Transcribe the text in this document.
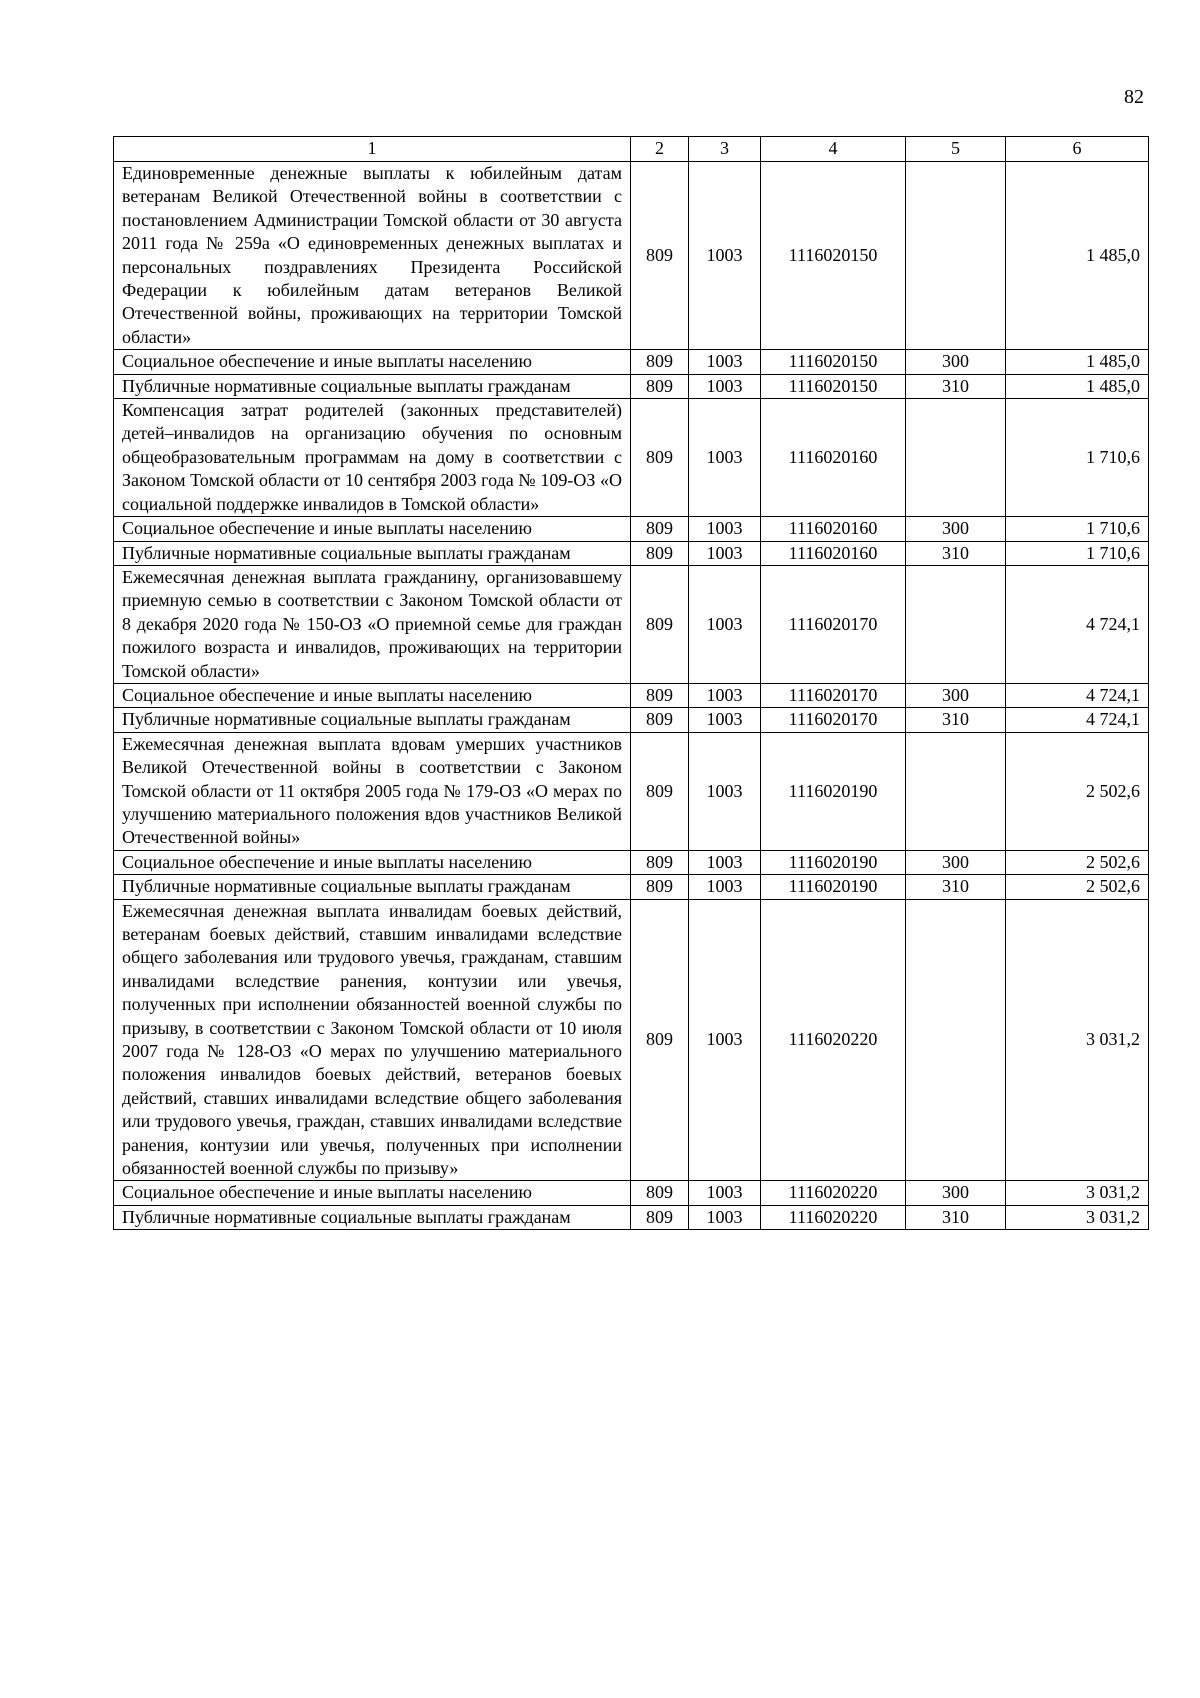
82
1	2	3	4	5	6
Единовременные денежные выплаты к юбилейным датам ветеранам Великой Отечественной войны в соответствии с постановлением Администрации Томской области от 30 августа 2011 года № 259а «О единовременных денежных выплатах и персональных поздравлениях Президента Российской Федерации к юбилейным датам ветеранов Великой Отечественной войны, проживающих на территории Томской области»	809	1003	1116020150		1 485,0
Социальное обеспечение и иные выплаты населению	809	1003	1116020150	300	1 485,0
Публичные нормативные социальные выплаты гражданам	809	1003	1116020150	310	1 485,0
Компенсация затрат родителей (законных представителей) детей–инвалидов на организацию обучения по основным общеобразовательным программам на дому в соответствии с Законом Томской области от 10 сентября 2003 года № 109-ОЗ «О социальной поддержке инвалидов в Томской области»	809	1003	1116020160		1 710,6
Социальное обеспечение и иные выплаты населению	809	1003	1116020160	300	1 710,6
Публичные нормативные социальные выплаты гражданам	809	1003	1116020160	310	1 710,6
Ежемесячная денежная выплата гражданину, организовавшему приемную семью в соответствии с Законом Томской области от 8 декабря 2020 года № 150-ОЗ «О приемной семье для граждан пожилого возраста и инвалидов, проживающих на территории Томской области»	809	1003	1116020170		4 724,1
Социальное обеспечение и иные выплаты населению	809	1003	1116020170	300	4 724,1
Публичные нормативные социальные выплаты гражданам	809	1003	1116020170	310	4 724,1
Ежемесячная денежная выплата вдовам умерших участников Великой Отечественной войны в соответствии с Законом Томской области от 11 октября 2005 года № 179-ОЗ «О мерах по улучшению материального положения вдов участников Великой Отечественной войны»	809	1003	1116020190		2 502,6
Социальное обеспечение и иные выплаты населению	809	1003	1116020190	300	2 502,6
Публичные нормативные социальные выплаты гражданам	809	1003	1116020190	310	2 502,6
Ежемесячная денежная выплата инвалидам боевых действий, ветеранам боевых действий, ставшим инвалидами вследствие общего заболевания или трудового увечья, гражданам, ставшим инвалидами вследствие ранения, контузии или увечья, полученных при исполнении обязанностей военной службы по призыву, в соответствии с Законом Томской области от 10 июля 2007 года № 128-ОЗ «О мерах по улучшению материального положения инвалидов боевых действий, ветеранов боевых действий, ставших инвалидами вследствие общего заболевания или трудового увечья, граждан, ставших инвалидами вследствие ранения, контузии или увечья, полученных при исполнении обязанностей военной службы по призыву»	809	1003	1116020220		3 031,2
Социальное обеспечение и иные выплаты населению	809	1003	1116020220	300	3 031,2
Публичные нормативные социальные выплаты гражданам	809	1003	1116020220	310	3 031,2
